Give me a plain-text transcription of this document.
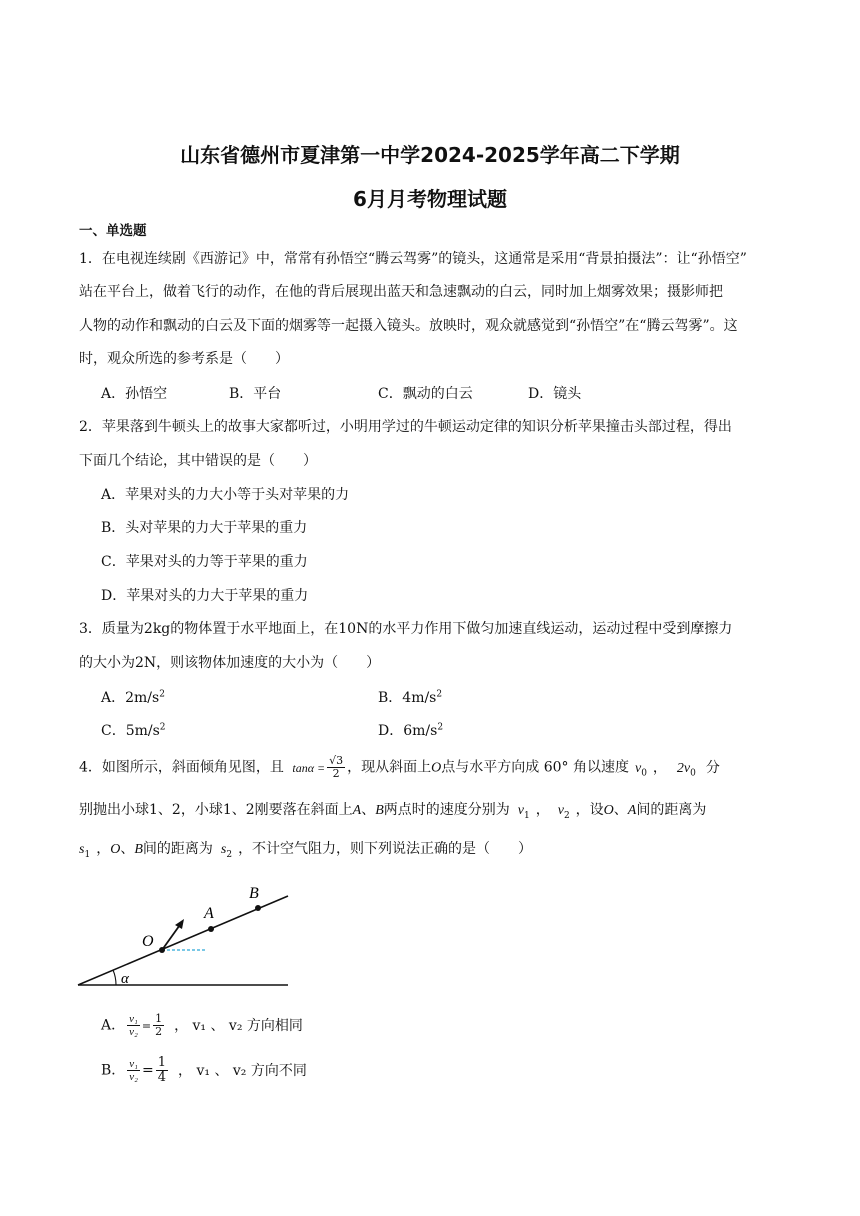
山东省德州市夏津第一中学2024-2025学年高二下学期
6月月考物理试题
一、单选题
1．在电视连续剧《西游记》中，常常有孙悟空“腾云驾雾”的镜头，这通常是采用“背景拍摄法”：让“孙悟空”
站在平台上，做着飞行的动作，在他的背后展现出蓝天和急速飘动的白云，同时加上烟雾效果；摄影师把
人物的动作和飘动的白云及下面的烟雾等一起摄入镜头。放映时，观众就感觉到“孙悟空”在“腾云驾雾”。这
时，观众所选的参考系是（　　）
A．孙悟空	B．平台	C．飘动的白云	D．镜头
2．苹果落到牛顿头上的故事大家都听过，小明用学过的牛顿运动定律的知识分析苹果撞击头部过程，得出
下面几个结论，其中错误的是（　　）
A．苹果对头的力大小等于头对苹果的力
B．头对苹果的力大于苹果的重力
C．苹果对头的力等于苹果的重力
D．苹果对头的力大于苹果的重力
3．质量为2kg的物体置于水平地面上，在10N的水平力作用下做匀加速直线运动，运动过程中受到摩擦力
的大小为2N，则该物体加速度的大小为（　　）
A．$2m/s^2$	B．$4m/s^2$
C．$5m/s^2$	D．$6m/s^2$
4．如图所示，斜面倾角见图，且 $\tan\alpha = \frac{√3}{2}$ ，现从斜面上O点与水平方向成 60° 角以速度 $v_0$ ， $2v_0$ 分
别抛出小球1、2，小球1、2刚要落在斜面上A、B两点时的速度分别为 $v_1$ ， $v_2$ ，设O、A间的距离为
$s_1$ ，O、B间的距离为 $s_2$ ，不计空气阻力，则下列说法正确的是（　　）
O
A
B
α
A． $\frac{\text{v₁}}{\text{v₂}} = \frac{1}{2}$ ， v₁ 、 v₂ 方向相同
B． $\frac{\text{v₁}}{\text{v₂}} = \frac{1}{4}$ ， v₁ 、 v₂ 方向不同
